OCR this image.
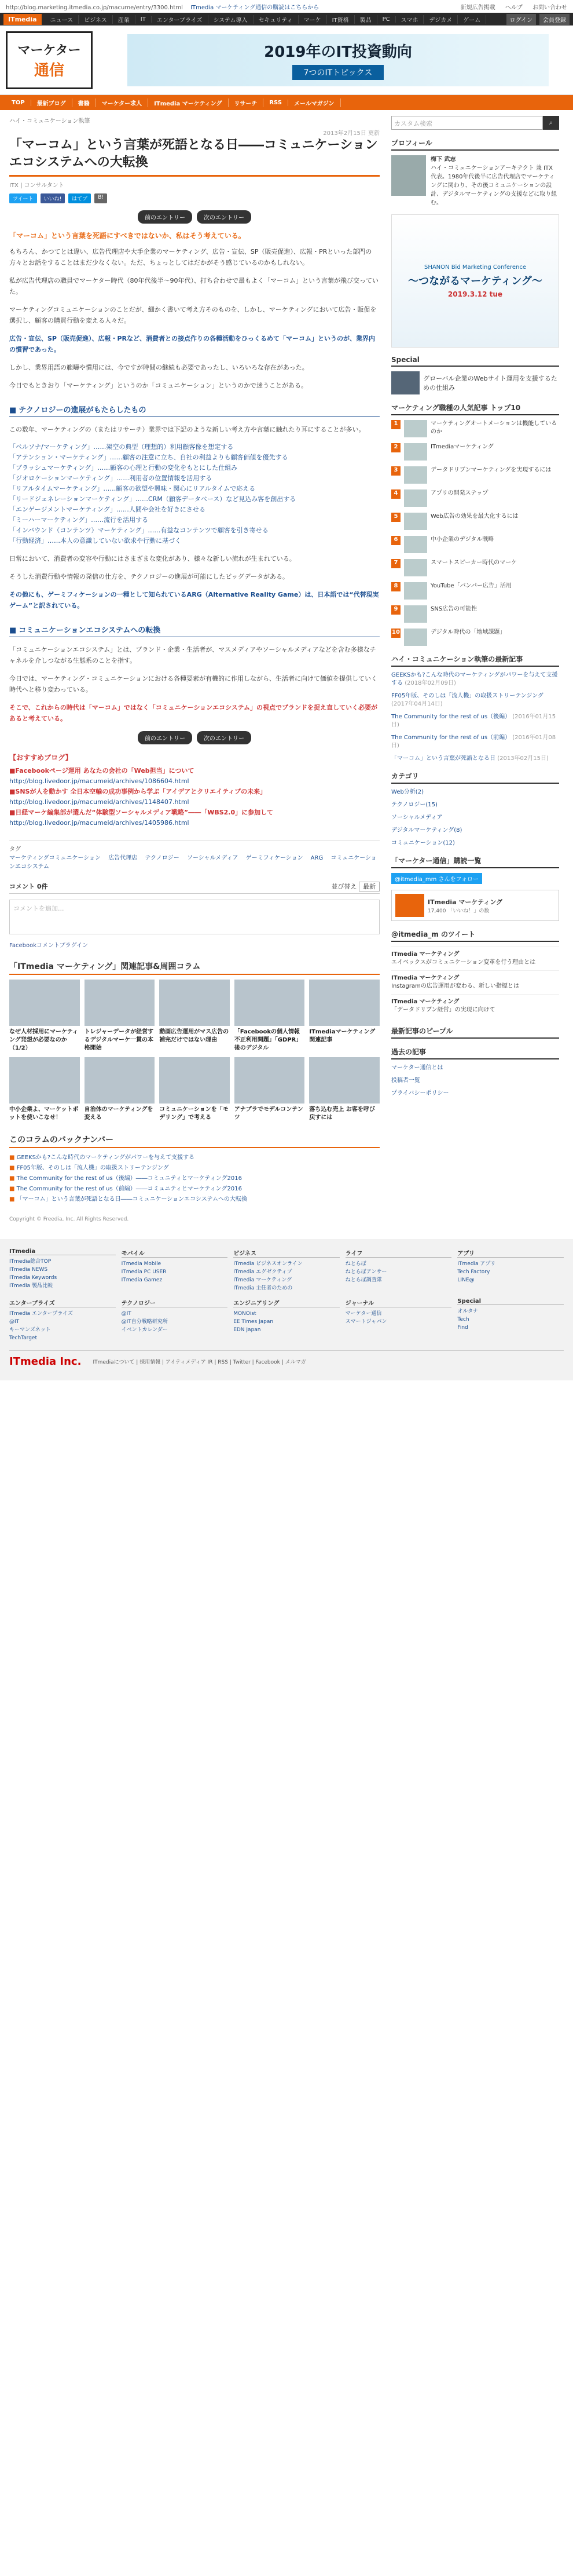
http://blog.marketing.itmedia.co.jp/macume/entry/3300.html ITmedia マーケティング通信の購読はこちらから	新規広告掲載 ヘルプ お問い合わせ
ITmedia	ニュース	ビジネス	産業	IT	エンタープライズ	システム導入	セキュリティ	マーケ	IT資格	製品	PC	スマホ	デジカメ	ゲーム	ログイン	会員登録
マーケター
通信
2019年のIT投資動向
7つのITトピックス
TOP	最新ブログ	書籍	マーケター求人	ITmedia マーケティング	リサーチ	RSS	メールマガジン
ハイ・コミュニケーション執筆
2013年2月15日 更新
「マーコム」という言葉が死語となる日――コミュニケーションエコシステムへの大転換
ITX | コンサルタント
ツイート	いいね!	はてブ	B!
前のエントリー	次のエントリー
「マーコム」という言葉を死語にすべきではないか、私はそう考えている。

もちろん、かつてとは違い、広告代理店や大手企業のマーケティング、広告・宣伝、SP（販売促進）、広報・PRといった部門の方々とお話をすることはまだ少なくない。ただ、ちょっとしてはだかがそう感じているのかもしれない。

私が広告代理店の職員でマーケター時代（80年代後半〜90年代）、打ち合わせで最もよく「マーコム」という言葉が飛び交っていた。

マーケティングコミュニケーションのことだが、細かく書いて考え方そのものを、しかし、マーケティングにおいて広告・販促を選択し、顧客の購買行動を変える人々だ。

広告・宣伝、SP（販売促進）、広報・PRなど、消費者との接点作りの各種活動をひっくるめて「マーコム」というのが、業界内の慣習であった。

しかし、業界用語の範疇や慣用には、今ですが時間の継続も必要であったし、いろいろな存在があった。

今日でもときおり「マーケティング」というのか「コミュニケーション」というのかで迷うことがある。

■ テクノロジーの進展がもたらしたもの

この数年、マーケティングの（またはリサーチ）業界では下記のような新しい考え方や言葉に触れたり耳にすることが多い。

「ペルソナ/マーケティング」……架空の典型（理想的）利用顧客像を想定する
「アテンション・マーケティング」……顧客の注意に立ち、自社の利益よりも顧客価値を優先する
「ブラッシュマーケティング」……顧客の心理と行動の変化をもとにした仕組み
「ジオロケーションマーケティング」……利用者の位置情報を活用する
「リアルタイムマーケティング」……顧客の欲望や興味・関心にリアルタイムで応える
「リードジェネレーションマーケティング」……CRM（顧客データベース）など見込み客を創出する
「エンゲージメントマーケティング」……人間や会社を好きにさせる
「ミーハーマーケティング」……流行を活用する
「インバウンド（コンテンツ）マーケティング」……有益なコンテンツで顧客を引き寄せる
「行動経済」……本人の意識していない欲求や行動に基づく

日常において、消費者の変容や行動にはさまざまな変化があり、様々な新しい流れが生まれている。

そうした消費行動や情報の発信の仕方を、テクノロジーの進展が可能にしたビッグデータがある。

その他にも、ゲーミフィケーションの一種として知られているARG（Alternative Reality Game）は、日本語では“代替現実ゲーム”と訳されている。

■ コミュニケーションエコシステムへの転換

「コミュニケーションエコシステム」とは、ブランド・企業・生活者が、マスメディアやソーシャルメディアなどを含む多様なチャネルを介しつながる生態系のことを指す。

今日では、マーケティング・コミュニケーションにおける各種要素が有機的に作用しながら、生活者に向けて価値を提供していく時代へと移り変わっている。

そこで、これからの時代は「マーコム」ではなく「コミュニケーションエコシステム」の視点でブランドを捉え直していく必要があると考えている。

前のエントリー	次のエントリー
【おすすめブログ】
■Facebookページ運用 あなたの会社の「Web担当」について
http://blog.livedoor.jp/macumeid/archives/1086604.html
■SNSが人を動かす 全日本空輸の成功事例から学ぶ「アイデアとクリエイティブの未来」
http://blog.livedoor.jp/macumeid/archives/1148407.html
■日経マーケ編集部が選んだ“体験型ソーシャルメディア戦略”――「WBS2.0」に参加して
http://blog.livedoor.jp/macumeid/archives/1405986.html
タグ
マーケティングコミュニケーション 広告代理店 テクノロジー ソーシャルメディア ゲーミフィケーション ARG コミュニケーションエコシステム
コメント 0件	並び替え 最新
コメントを追加...
Facebookコメントプラグイン
「ITmedia マーケティング」関連記事&周囲コラム
なぜ人材採用にマーケティング発想が必要なのか（1/2）
トレジャーデータが経営するデジタルマーケ一貫の本格開始
動画広告運用がマス広告の補完だけではない理由
「Facebookの個人情報不正利用問題」「GDPR」後のデジタル
ITmediaマーケティング関連記事
中小企業よ、マーケットボットを使いこなせ！
自治体のマーケティングを変える
コミュニケーションを「モデリング」で考える
アナプラでモデルコンテンツ
落ち込む売上 お客を呼び戻すには
このコラムのバックナンバー
■ GEEKSかも?こんな時代のマーケティングがパワーを与えて支援する
■ FF05年版、そのしは「流人機」の取扱ストリーテンジング
■ The Community for the rest of us（後編）――コミュニティとマーケティング2016
■ The Community for the rest of us（前編）――コミュニティとマーケティング2016
■ 「マーコム」という言葉が死語となる日――コミュニケーションエコシステムへの大転換
Copyright © Freedia, Inc. All Rights Reserved.
カスタム検索	⌕
プロフィール
梅下 武志
ハイ・コミュニケーションアーキテクト 兼 ITX 代表。1980年代後半に広告代理店でマーケティングに関わり、その後コミュニケーションの設計、デジタルマーケティングの支援などに取り組む。
SHANON Bid Marketing Conference
〜つながるマーケティング〜
2019.3.12 tue
Special
グローバル企業のWebサイト運用を支援するための仕組み
マーケティング職種の人気記事 トップ10
1	マーケティングオートメーションは機能しているのか
2	ITmediaマーケティング
3	データドリブンマーケティングを実現するには
4	アプリの開発ステップ
5	Web広告の効果を最大化するには
6	中小企業のデジタル戦略
7	スマートスピーカー時代のマーケ
8	YouTube「バンパー広告」活用
9	SNS広告の可能性
10	デジタル時代の「地域課題」
ハイ・コミュニケーション執筆の最新記事
GEEKSかも?こんな時代のマーケティングがパワーを与えて支援する (2018年02月09日)
FF05年版、そのしは「流人機」の取扱ストリーテンジング (2017年04月14日)
The Community for the rest of us（後編） (2016年01月15日)
The Community for the rest of us（前編） (2016年01月08日)
「マーコム」という言葉が死語となる日 (2013年02月15日)
カテゴリ
Web分析(2)
テクノロジー(15)
ソーシャルメディア
デジタルマーケティング(8)
コミュニケーション(12)
「マーケター通信」購読一覧
@itmedia_mm さんをフォロー
ITmedia マーケティング
17,400 「いいね！」の数
@itmedia_m のツイート
ITmedia マーケティング
エイベックスがコミュニケーション変革を行う理由とは
ITmedia マーケティング
Instagramの広告運用が変わる、新しい指標とは
ITmedia マーケティング
「データドリブン経営」の実現に向けて
最新記事のピープル
過去の記事
マーケター通信とは
投稿者一覧
プライバシーポリシー
ITmedia
ITmedia総合TOP
ITmedia NEWS
ITmedia Keywords
ITmedia 製品比較
モバイル
ITmedia Mobile
ITmedia PC USER
ITmedia Gamez
ビジネス
ITmedia ビジネスオンライン
ITmedia エグゼクティブ
ITmedia マーケティング
ITmedia 主任者のための
ライフ
ねとらぼ
ねとらぼアンサー
ねとらぼ調査隊
アプリ
ITmedia アプリ
Tech Factory
LINE@
エンタープライズ
ITmedia エンタープライズ
@IT
キーマンズネット
TechTarget
テクノロジー
@IT
@IT自分戦略研究所
イベントカレンダー
エンジニアリング
MONOist
EE Times Japan
EDN Japan
ジャーナル
マーケター通信
スマートジャパン
Special
オルタナ
Tech
Find
ITmedia Inc. ITmediaについて | 採用情報 | アイティメディア IR | RSS | Twitter | Facebook | メルマガ
